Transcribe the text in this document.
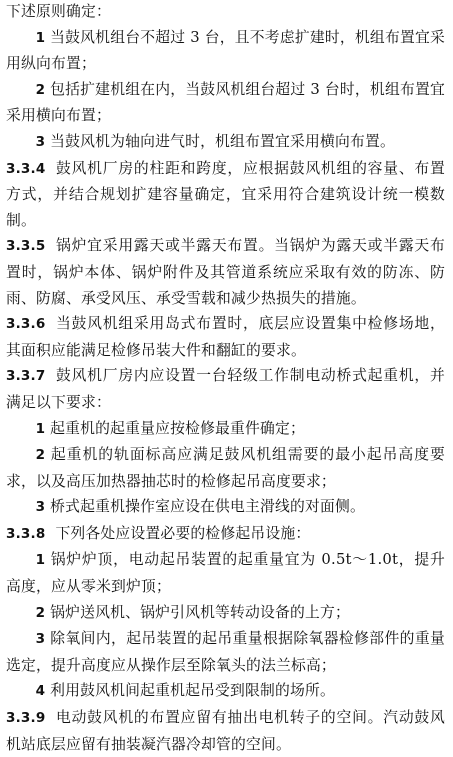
下述原则确定：

1 当鼓风机组台不超过 3 台，且不考虑扩建时，机组布置宜采用纵向布置；

2 包括扩建机组在内，当鼓风机组台超过 3 台时，机组布置宜采用横向布置；

3 当鼓风机为轴向进气时，机组布置宜采用横向布置。

3.3.4 鼓风机厂房的柱距和跨度，应根据鼓风机组的容量、布置方式，并结合规划扩建容量确定，宜采用符合建筑设计统一模数制。

3.3.5 锅炉宜采用露天或半露天布置。当锅炉为露天或半露天布置时，锅炉本体、锅炉附件及其管道系统应采取有效的防冻、防雨、防腐、承受风压、承受雪载和减少热损失的措施。

3.3.6 当鼓风机组采用岛式布置时，底层应设置集中检修场地，其面积应能满足检修吊装大件和翻缸的要求。

3.3.7 鼓风机厂房内应设置一台轻级工作制电动桥式起重机，并满足以下要求：

1 起重机的起重量应按检修最重件确定；

2 起重机的轨面标高应满足鼓风机组需要的最小起吊高度要求，以及高压加热器抽芯时的检修起吊高度要求；

3 桥式起重机操作室应设在供电主滑线的对面侧。

3.3.8 下列各处应设置必要的检修起吊设施：

1 锅炉炉顶，电动起吊装置的起重量宜为 0.5t～1.0t，提升高度，应从零米到炉顶；

2 锅炉送风机、锅炉引风机等转动设备的上方；

3 除氧间内，起吊装置的起吊重量根据除氧器检修部件的重量选定，提升高度应从操作层至除氧头的法兰标高；

4 利用鼓风机间起重机起吊受到限制的场所。

3.3.9 电动鼓风机的布置应留有抽出电机转子的空间。汽动鼓风机站底层应留有抽装凝汽器冷却管的空间。
